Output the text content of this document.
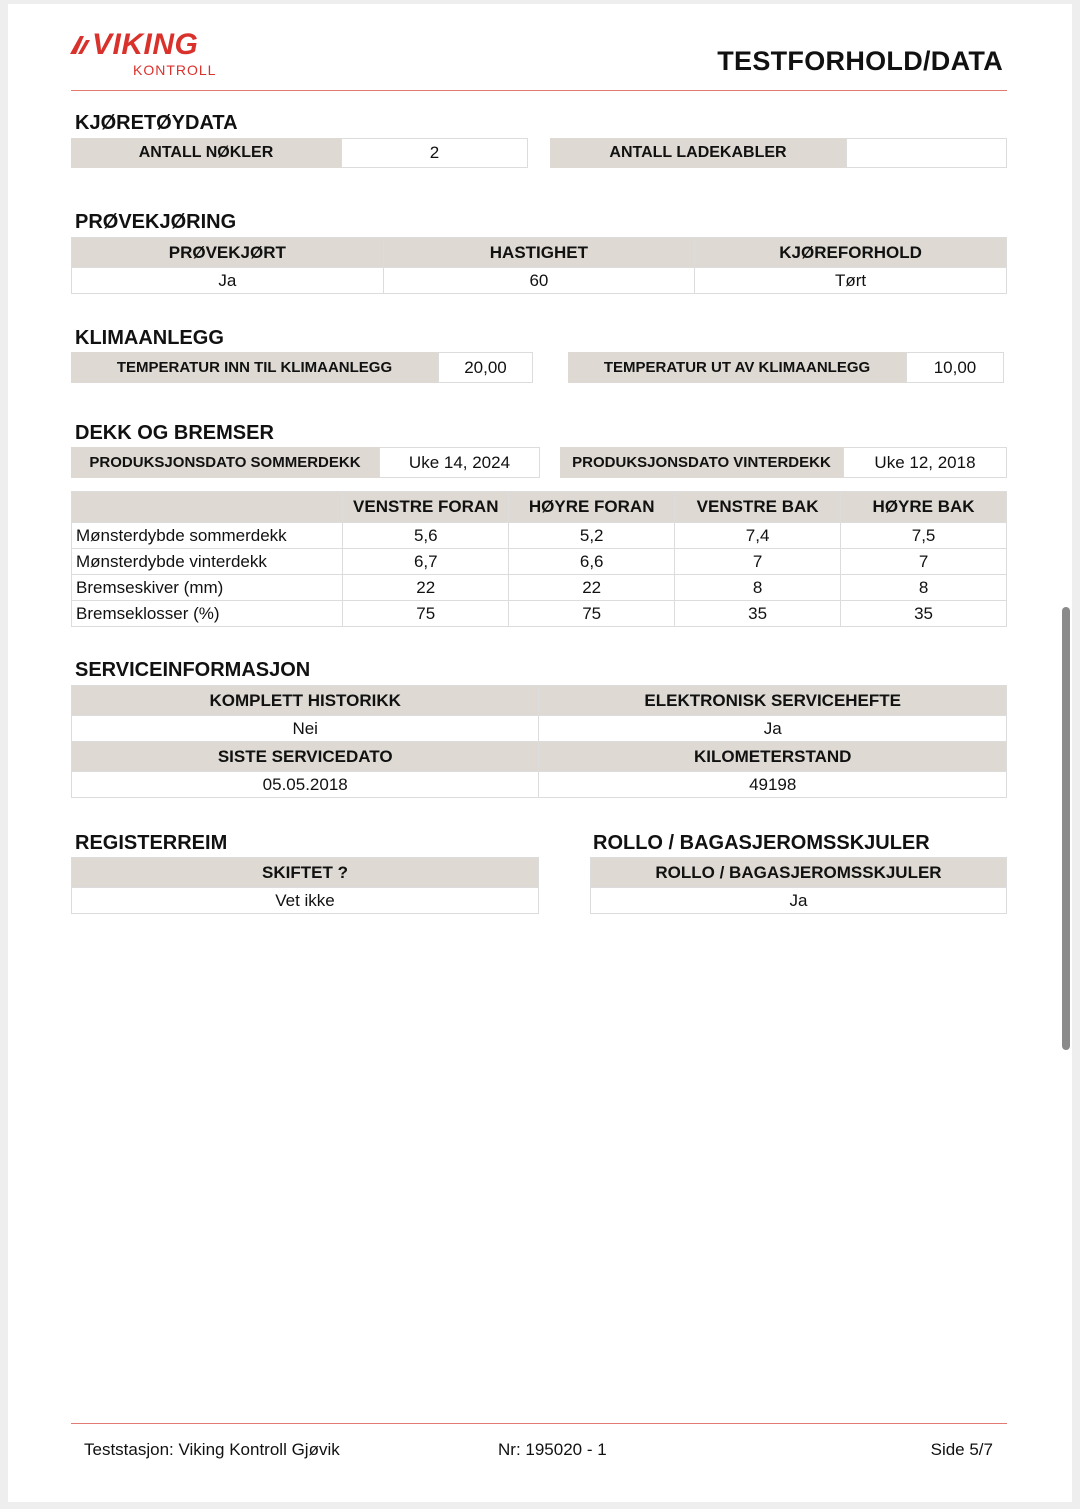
VIKING
KONTROLL	TESTFORHOLD/DATA
KJØRETØYDATA
ANTALL NØKLER	2	ANTALL LADEKABLER
PRØVEKJØRING
PRØVEKJØRT	HASTIGHET	KJØREFORHOLD
Ja	60	Tørt
KLIMAANLEGG
TEMPERATUR INN TIL KLIMAANLEGG	20,00	TEMPERATUR UT AV KLIMAANLEGG	10,00
DEKK OG BREMSER
PRODUKSJONSDATO SOMMERDEKK	Uke 14, 2024	PRODUKSJONSDATO VINTERDEKK	Uke 12, 2018
	VENSTRE FORAN	HØYRE FORAN	VENSTRE BAK	HØYRE BAK
Mønsterdybde sommerdekk	5,6	5,2	7,4	7,5
Mønsterdybde vinterdekk	6,7	6,6	7	7
Bremseskiver (mm)	22	22	8	8
Bremseklosser (%)	75	75	35	35
SERVICEINFORMASJON
KOMPLETT HISTORIKK	ELEKTRONISK SERVICEHEFTE
Nei	Ja
SISTE SERVICEDATO	KILOMETERSTAND
05.05.2018	49198
REGISTERREIM
SKIFTET ?
Vet ikke
ROLLO / BAGASJEROMSSKJULER
ROLLO / BAGASJEROMSSKJULER
Ja
Teststasjon: Viking Kontroll Gjøvik	Nr: 195020 - 1	Side 5/7
